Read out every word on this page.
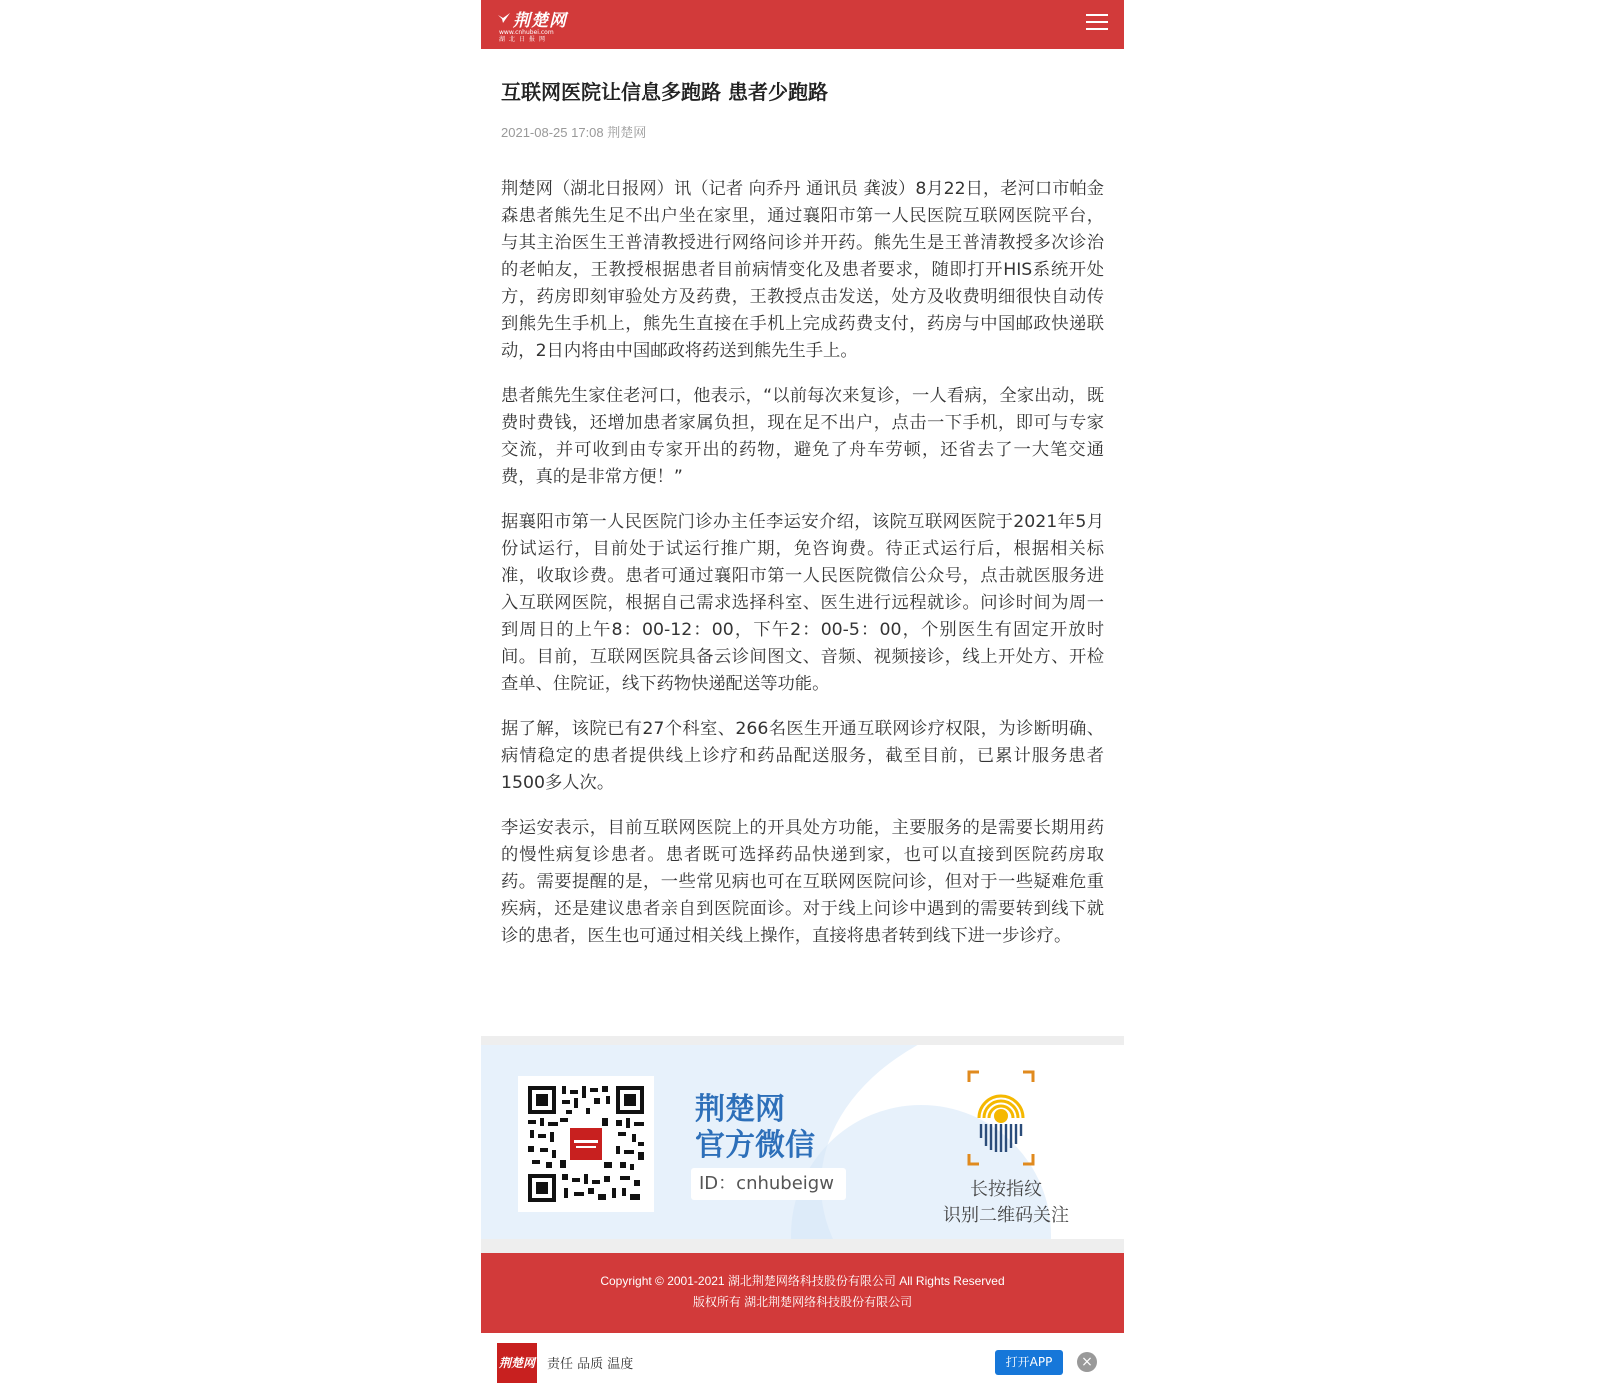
荆楚网
www.cnhubei.com
湖北日报网
互联网医院让信息多跑路 患者少跑路
2021-08-25 17:08 荆楚网

荆楚网（湖北日报网）讯（记者 向乔丹 通讯员 龚波）8月22日，老河口市帕金森患者熊先生足不出户坐在家里，通过襄阳市第一人民医院互联网医院平台，与其主治医生王普清教授进行网络问诊并开药。熊先生是王普清教授多次诊治的老帕友，王教授根据患者目前病情变化及患者要求，随即打开HIS系统开处方，药房即刻审验处方及药费，王教授点击发送，处方及收费明细很快自动传到熊先生手机上，熊先生直接在手机上完成药费支付，药房与中国邮政快递联动，2日内将由中国邮政将药送到熊先生手上。

患者熊先生家住老河口，他表示，“以前每次来复诊，一人看病，全家出动，既费时费钱，还增加患者家属负担，现在足不出户，点击一下手机，即可与专家交流，并可收到由专家开出的药物，避免了舟车劳顿，还省去了一大笔交通费，真的是非常方便！”

据襄阳市第一人民医院门诊办主任李运安介绍，该院互联网医院于2021年5月份试运行，目前处于试运行推广期，免咨询费。待正式运行后，根据相关标准，收取诊费。患者可通过襄阳市第一人民医院微信公众号，点击就医服务进入互联网医院，根据自己需求选择科室、医生进行远程就诊。问诊时间为周一到周日的上午8：00-12：00，下午2：00-5：00，个别医生有固定开放时间。目前，互联网医院具备云诊间图文、音频、视频接诊，线上开处方、开检查单、住院证，线下药物快递配送等功能。

据了解，该院已有27个科室、266名医生开通互联网诊疗权限，为诊断明确、病情稳定的患者提供线上诊疗和药品配送服务，截至目前，已累计服务患者1500多人次。

李运安表示，目前互联网医院上的开具处方功能，主要服务的是需要长期用药的慢性病复诊患者。患者既可选择药品快递到家，也可以直接到医院药房取药。需要提醒的是，一些常见病也可在互联网医院问诊，但对于一些疑难危重疾病，还是建议患者亲自到医院面诊。对于线上问诊中遇到的需要转到线下就诊的患者，医生也可通过相关线上操作，直接将患者转到线下进一步诊疗。

荆楚网
官方微信
ID：cnhubeigw	长按指纹
识别二维码关注
Copyright © 2001-2021 湖北荆楚网络科技股份有限公司 All Rights Reserved
版权所有 湖北荆楚网络科技股份有限公司
荆楚网 责任 品质 温度	打开APP	×
